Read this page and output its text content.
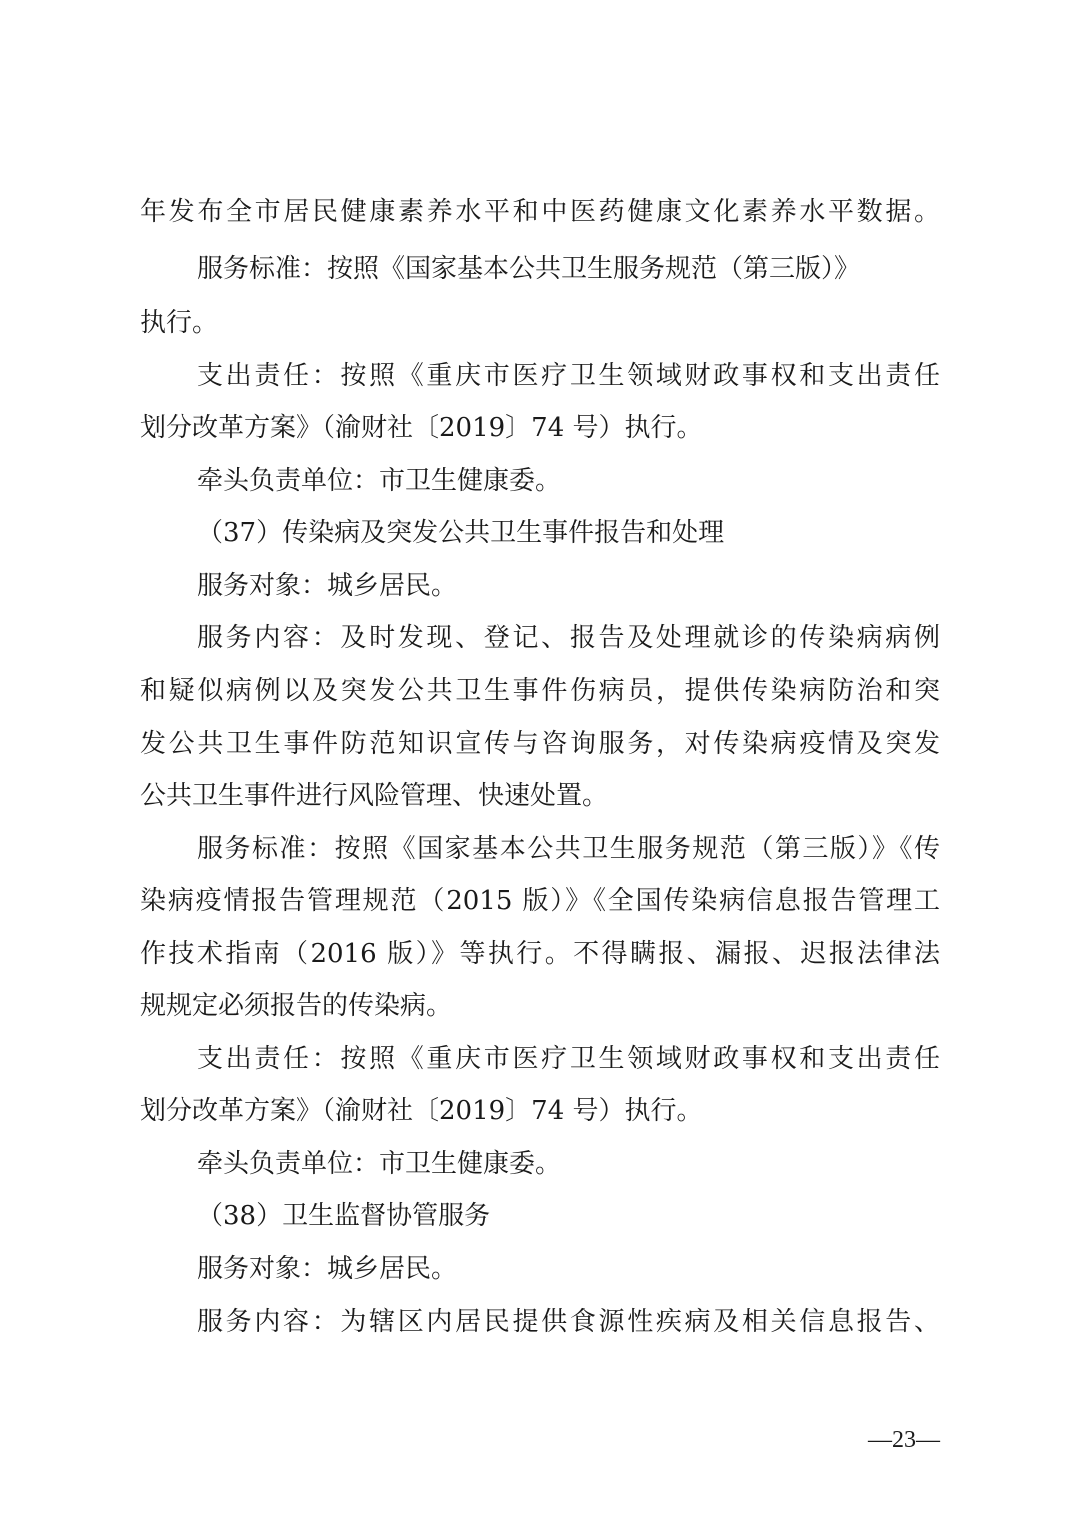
年发布全市居民健康素养水平和中医药健康文化素养水平数据。

服务标准：按照《国家基本公共卫生服务规范（第三版）》

执行。

支出责任：按照《重庆市医疗卫生领域财政事权和支出责任

划分改革方案》（渝财社〔2019〕74 号）执行。

牵头负责单位：市卫生健康委。

（37）传染病及突发公共卫生事件报告和处理

服务对象：城乡居民。

服务内容：及时发现、登记、报告及处理就诊的传染病病例

和疑似病例以及突发公共卫生事件伤病员，提供传染病防治和突

发公共卫生事件防范知识宣传与咨询服务，对传染病疫情及突发

公共卫生事件进行风险管理、快速处置。

服务标准：按照《国家基本公共卫生服务规范（第三版）》《传

染病疫情报告管理规范（2015 版）》《全国传染病信息报告管理工

作技术指南（2016 版）》等执行。不得瞒报、漏报、迟报法律法

规规定必须报告的传染病。

支出责任：按照《重庆市医疗卫生领域财政事权和支出责任

划分改革方案》（渝财社〔2019〕74 号）执行。

牵头负责单位：市卫生健康委。

（38）卫生监督协管服务

服务对象：城乡居民。

服务内容：为辖区内居民提供食源性疾病及相关信息报告、

—23—
